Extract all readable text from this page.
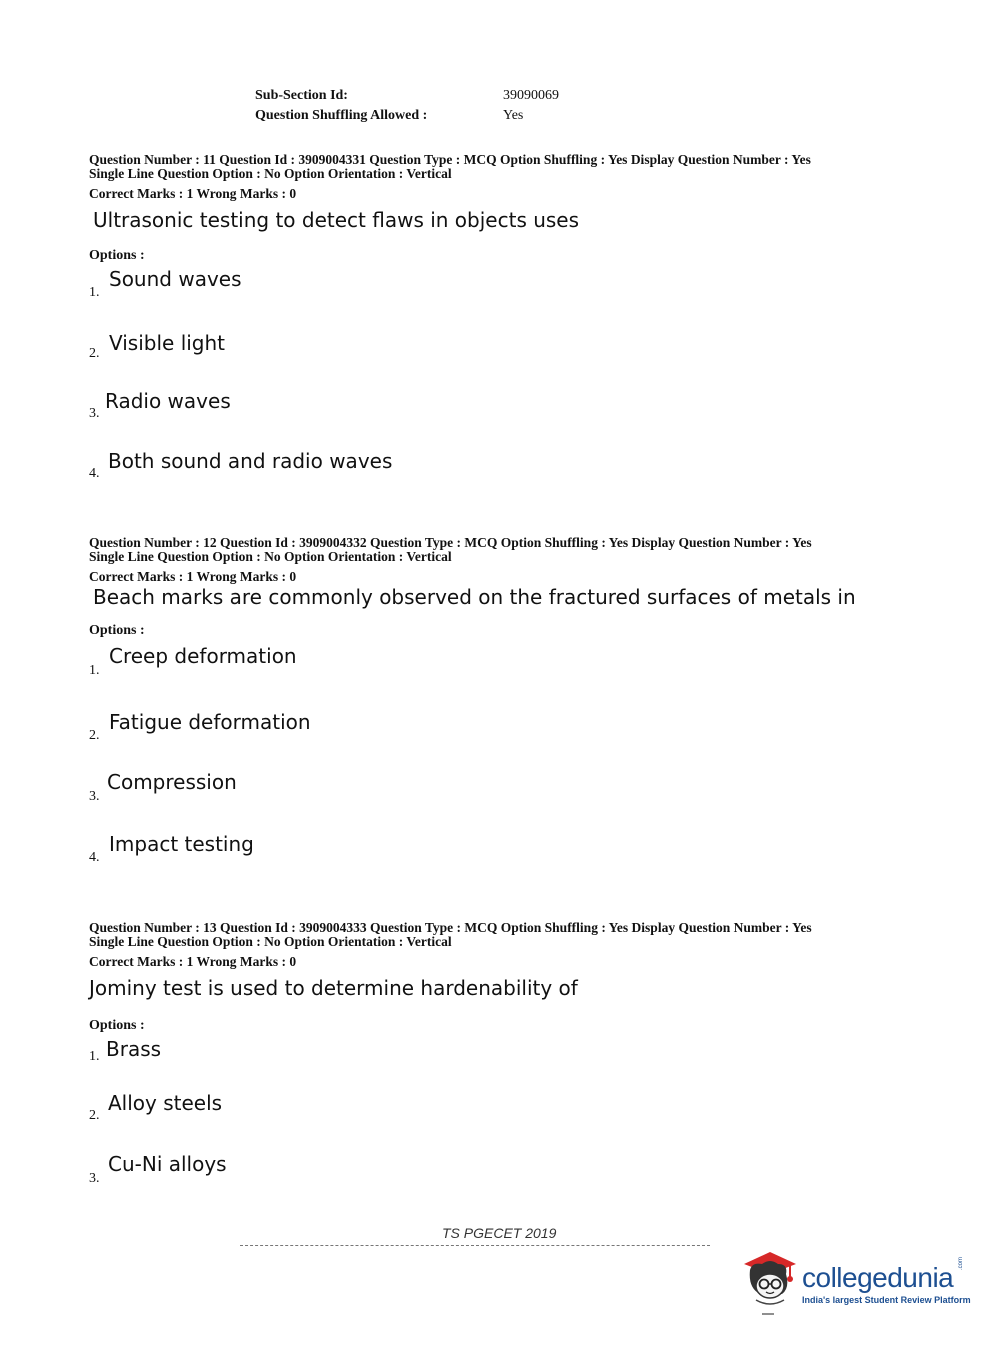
Sub-Section Id:	39090069
Question Shuffling Allowed :	Yes
Question Number : 11 Question Id : 3909004331 Question Type : MCQ Option Shuffling : Yes Display Question Number : Yes
Single Line Question Option : No Option Orientation : Vertical
Correct Marks : 1 Wrong Marks : 0
Ultrasonic testing to detect flaws in objects uses
Options :
1.
Sound waves
2. Visible light
3.
Radio waves
4.
Both sound and radio waves
Question Number : 12 Question Id : 3909004332 Question Type : MCQ Option Shuffling : Yes Display Question Number : Yes
Single Line Question Option : No Option Orientation : Vertical
Correct Marks : 1 Wrong Marks : 0
Beach marks are commonly observed on the fractured surfaces of metals in
Options :
1.
Creep deformation
2.
Fatigue deformation
3.
Compression
4.
Impact testing
Question Number : 13 Question Id : 3909004333 Question Type : MCQ Option Shuffling : Yes Display Question Number : Yes
Single Line Question Option : No Option Orientation : Vertical
Correct Marks : 1 Wrong Marks : 0
Jominy test is used to determine hardenability of
Options :
1. Brass
2.
Alloy steels
3.
Cu-Ni alloys
TS PGECET 2019
collegedunia .com
India's largest Student Review Platform
